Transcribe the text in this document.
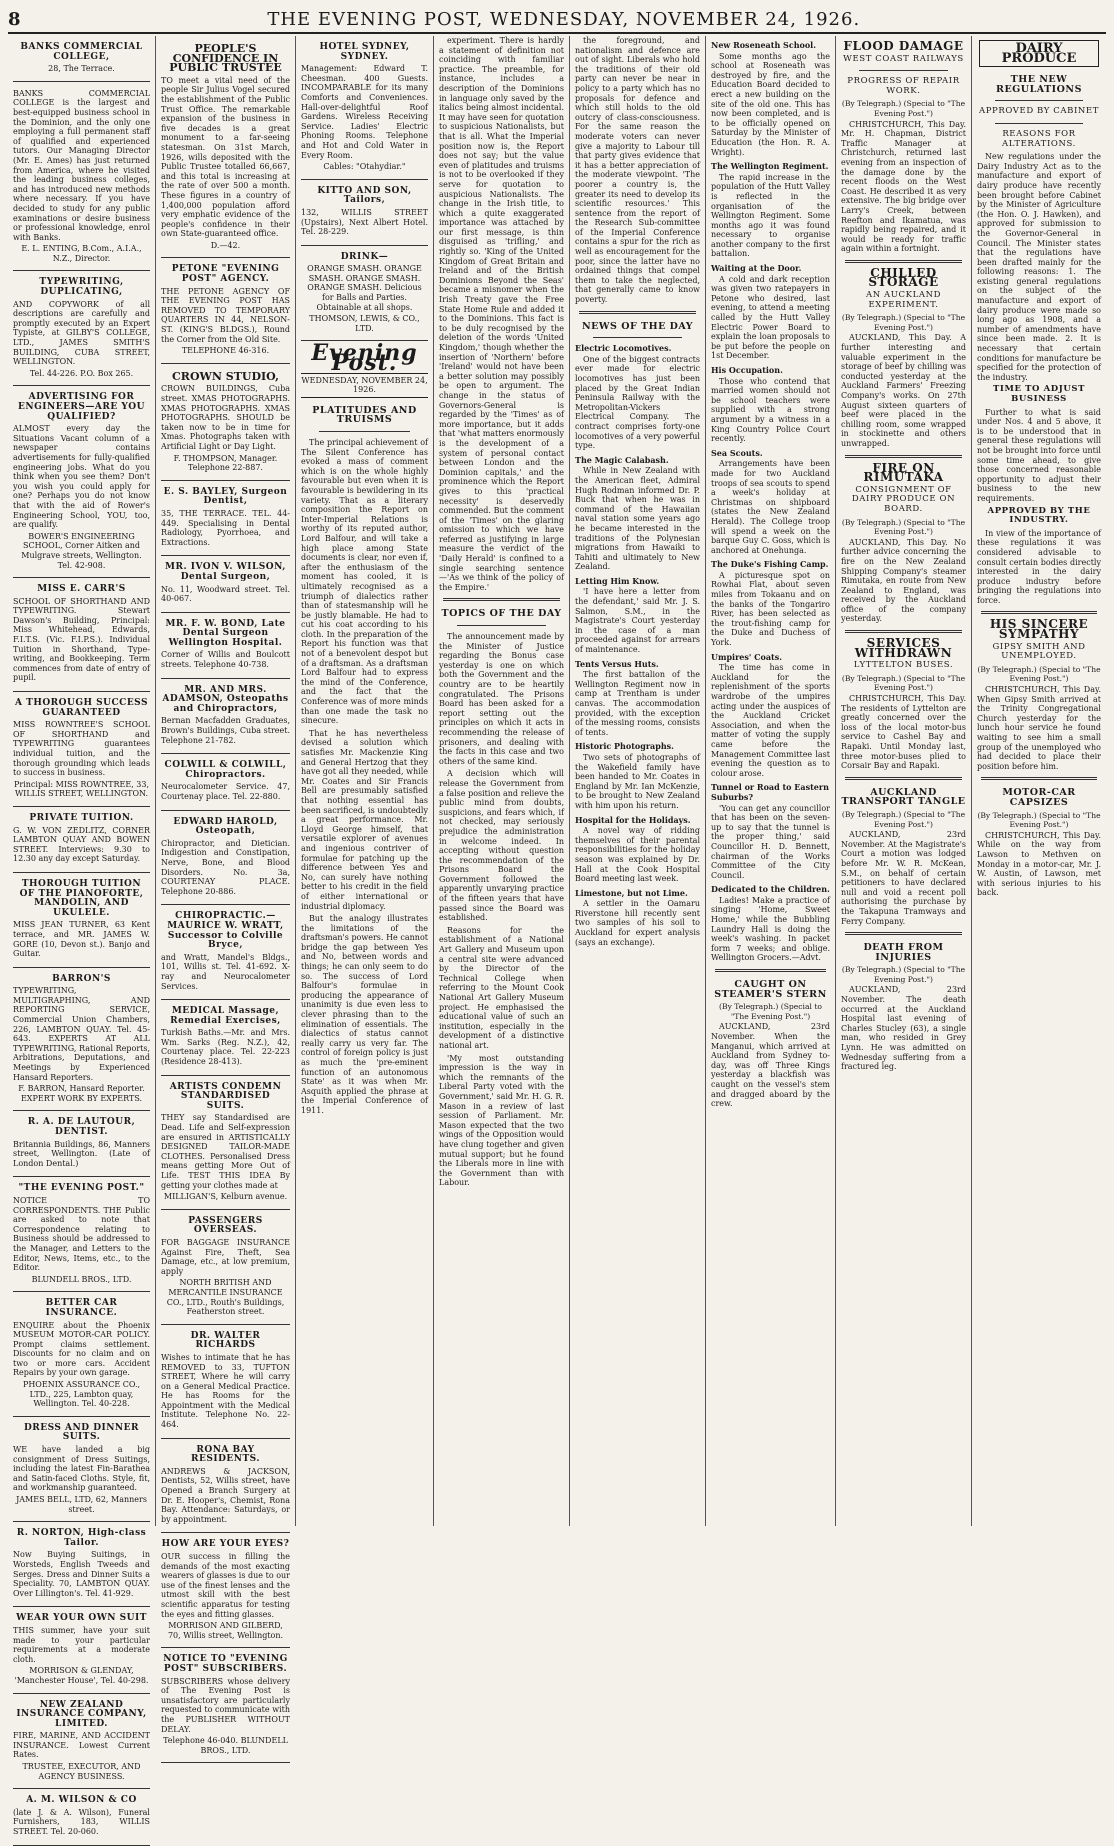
8	THE EVENING POST, WEDNESDAY, NOVEMBER 24, 1926.
BANKS COMMERCIAL COLLEGE,
28, The Terrace.

BANKS COMMERCIAL COLLEGE is the largest and best-equipped business school in the Dominion, and the only one employing a full permanent staff of qualified and experienced tutors. Our Managing Director (Mr. E. Ames) has just returned from America, where he visited the leading business colleges, and has introduced new methods where necessary. If you have decided to study for any public examinations or desire business or professional knowledge, enrol with Banks.

E. L. ENTING, B.Com., A.I.A., N.Z., Director.
TYPEWRITING, DUPLICATING,

AND COPYWORK of all descriptions are carefully and promptly executed by an Expert Typiste, at GILBY'S COLLEGE, LTD., JAMES SMITH'S BUILDING, CUBA STREET, WELLINGTON.

Tel. 44-226. P.O. Box 265.
ADVERTISING FOR ENGINEERS—ARE YOU QUALIFIED?

ALMOST every day the Situations Vacant column of a newspaper contains advertisements for fully-qualified engineering jobs. What do you think when you see them? Don't you wish you could apply for one? Perhaps you do not know that with the aid of Rower's Engineering School, YOU, too, are qualify.

BOWER'S ENGINEERING SCHOOL, Corner Aitken and Mulgrave streets, Wellington. Tel. 42-908.
MISS E. CARR'S

SCHOOL OF SHORTHAND AND TYPEWRITING. Stewart Dawson's Building, Principal: Miss Whitehead, Edwards, F.I.T.S. (Vic. F.I.P.S.). Individual Tuition in Shorthand, Type-writing, and Bookkeeping. Term commences from date of entry of pupil.

A THOROUGH SUCCESS GUARANTEED

MISS ROWNTREE'S SCHOOL OF SHORTHAND and TYPEWRITING guarantees individual tuition, and the thorough grounding which leads to success in business.

Principal: MISS ROWNTREE, 33, WILLIS STREET, WELLINGTON.
PRIVATE TUITION.

G. W. VON ZEDLITZ, CORNER LAMBTON QUAY AND BOWEN STREET. Interviews: 9.30 to 12.30 any day except Saturday.

THOROUGH TUITION OF THE PIANOFORTE, MANDOLIN, AND UKULELE.

MISS JEAN TURNER, 63 Kent terrace, and MR. JAMES W. GORE (10, Devon st.). Banjo and Guitar.

BARRON'S

TYPEWRITING, MULTIGRAPHING, AND REPORTING SERVICE, Commercial Union Chambers, 226, LAMBTON QUAY. Tel. 45-643. EXPERTS AT ALL TYPEWRITING, Rational Reports, Arbitrations, Deputations, and Meetings by Experienced Hansard Reporters.

F. BARRON, Hansard Reporter. EXPERT WORK BY EXPERTS.
R. A. DE LAUTOUR, DENTIST.

Britannia Buildings, 86, Manners street, Wellington. (Late of London Dental.)

"THE EVENING POST."

NOTICE TO CORRESPONDENTS. THE Public are asked to note that Correspondence relating to Business should be addressed to the Manager, and Letters to the Editor, News, Items, etc., to the Editor.

BLUNDELL BROS., LTD.
BETTER CAR INSURANCE.

ENQUIRE about the Phoenix MUSEUM MOTOR-CAR POLICY. Prompt claims settlement. Discounts for no claim and on two or more cars. Accident Repairs by your own garage.

PHOENIX ASSURANCE CO., LTD., 225, Lambton quay, Wellington. Tel. 40-228.
DRESS AND DINNER SUITS.

WE have landed a big consignment of Dress Suitings, including the latest Fin-Barathea and Satin-faced Cloths. Style, fit, and workmanship guaranteed.

JAMES BELL, LTD, 62, Manners street.
R. NORTON, High-class Tailor.

Now Buying Suitings, in Worsteds, English Tweeds and Serges. Dress and Dinner Suits a Speciality. 70, LAMBTON QUAY. Over Lillington's. Tel. 41-929.

WEAR YOUR OWN SUIT

THIS summer, have your suit made to your particular requirements at a moderate cloth.

MORRISON & GLENDAY, 'Manchester House', Tel. 40-298.
NEW ZEALAND INSURANCE COMPANY, LIMITED.

FIRE, MARINE, AND ACCIDENT INSURANCE. Lowest Current Rates.

TRUSTEE, EXECUTOR, AND AGENCY BUSINESS.
A. M. WILSON & CO

(late J. & A. Wilson), Funeral Furnishers, 183, WILLIS STREET. Tel. 20-060.

PEOPLE'S CONFIDENCE IN PUBLIC TRUSTEE

TO meet a vital need of the people Sir Julius Vogel secured the establishment of the Public Trust Office. The remarkable expansion of the business in five decades is a great monument to a far-seeing statesman. On 31st March, 1926, wills deposited with the Public Trustee totalled 66,667, and this total is increasing at the rate of over 500 a month. These figures in a country of 1,400,000 population afford very emphatic evidence of the people's confidence in their own State-guaranteed office.

D.—42.
PETONE "EVENING POST" AGENCY.

THE PETONE AGENCY OF THE EVENING POST HAS REMOVED TO TEMPORARY QUARTERS IN 44, NELSON-ST. (KING'S BLDGS.), Round the Corner from the Old Site.

TELEPHONE 46-316.
CROWN STUDIO,

CROWN BUILDINGS, Cuba street. XMAS PHOTOGRAPHS. XMAS PHOTOGRAPHS. XMAS PHOTOGRAPHS. SHOULD be taken now to be in time for Xmas. Photographs taken with Artificial Light or Day Light.

F. THOMPSON, Manager. Telephone 22-887.
E. S. BAYLEY, Surgeon Dentist,

35, THE TERRACE. TEL. 44-449. Specialising in Dental Radiology, Pyorrhoea, and Extractions.

MR. IVON V. WILSON, Dental Surgeon,

No. 11, Woodward street. Tel. 40-067.

MR. F. W. BOND, Late Dental Surgeon Wellington Hospital.

Corner of Willis and Boulcott streets. Telephone 40-738.

MR. AND MRS. ADAMSON, Osteopaths and Chiropractors,

Bernan Macfadden Graduates, Brown's Buildings, Cuba street. Telephone 21-782.

COLWILL & COLWILL, Chiropractors.

Neurocalometer Service. 47, Courtenay place. Tel. 22-880.

EDWARD HAROLD, Osteopath,

Chiropractor, and Dietician. Indigestion and Constipation, Nerve, Bone, and Blood Disorders. No. 3a, COURTENAY PLACE. Telephone 20-886.

CHIROPRACTIC.—MAURICE W. WRATT, Successor to Colville Bryce,

and Wratt, Mandel's Bldgs., 101, Willis st. Tel. 41-692. X-ray and Neurocalometer Services.

MEDICAL Massage, Remedial Exercises,

Turkish Baths.—Mr. and Mrs. Wm. Sarks (Reg. N.Z.), 42, Courtenay place. Tel. 22-223 (Residence 28-413).

ARTISTS CONDEMN STANDARDISED SUITS.

THEY say Standardised are Dead. Life and Self-expression are ensured in ARTISTICALLY DESIGNED TAILOR-MADE CLOTHES. Personalised Dress means getting More Out of Life. TEST THIS IDEA By getting your clothes made at

MILLIGAN'S, Kelburn avenue.
PASSENGERS OVERSEAS.

FOR BAGGAGE INSURANCE Against Fire, Theft, Sea Damage, etc., at low premium, apply

NORTH BRITISH AND MERCANTILE INSURANCE CO., LTD., Routh's Buildings, Featherston street.
DR. WALTER RICHARDS

Wishes to intimate that he has REMOVED to 33, TUFTON STREET, Where he will carry on a General Medical Practice. He has Rooms for the Appointment with the Medical Institute. Telephone No. 22-464.

RONA BAY RESIDENTS.

ANDREWS & JACKSON, Dentists, 52, Willis street, have Opened a Branch Surgery at Dr. E. Hooper's, Chemist, Rona Bay. Attendance: Saturdays, or by appointment.

HOW ARE YOUR EYES?

OUR success in filling the demands of the most exacting wearers of glasses is due to our use of the finest lenses and the utmost skill with the best scientific apparatus for testing the eyes and fitting glasses.

MORRISON AND GILBERD, 70, Willis street, Wellington.
NOTICE TO "EVENING POST" SUBSCRIBERS.

SUBSCRIBERS whose delivery of The Evening Post is unsatisfactory are particularly requested to communicate with the PUBLISHER WITHOUT DELAY.

Telephone 46-040. BLUNDELL BROS., LTD.
HOTEL SYDNEY, SYDNEY.

Management: Edward T. Cheesman. 400 Guests. INCOMPARABLE for its many Comforts and Conveniences. Hall-over-delightful Roof Gardens. Wireless Receiving Service. Ladies' Electric Phoning Rooms. Telephone and Hot and Cold Water in Every Room.

Cables: "Otahydiar."
KITTO AND SON, Tailors,

132, WILLIS STREET (Upstairs), Next Albert Hotel. Tel. 28-229.

DRINK—

ORANGE SMASH. ORANGE SMASH. ORANGE SMASH. ORANGE SMASH. Delicious for Balls and Parties. Obtainable at all shops.

THOMSON, LEWIS, & CO., LTD.
Evening Post.
WEDNESDAY, NOVEMBER 24, 1926.
PLATITUDES AND TRUISMS

The principal achievement of The Silent Conference has evoked a mass of comment which is on the whole highly favourable but even when it is favourable is bewildering in its variety. That as a literary composition the Report on Inter-Imperial Relations is worthy of its reputed author, Lord Balfour, and will take a high place among State documents is clear, nor even if, after the enthusiasm of the moment has cooled, it is ultimately recognised as a triumph of dialectics rather than of statesmanship will he be justly blamable. He had to cut his coat according to his cloth. In the preparation of the Report his function was that not of a benevolent despot but of a draftsman. As a draftsman Lord Balfour had to express the mind of the Conference, and the fact that the Conference was of more minds than one made the task no sinecure.

That he has nevertheless devised a solution which satisfies Mr. Mackenzie King and General Hertzog that they have got all they needed, while Mr. Coates and Sir Francis Bell are presumably satisfied that nothing essential has been sacrificed, is undoubtedly a great performance. Mr. Lloyd George himself, that versatile explorer of avenues and ingenious contriver of formulae for patching up the difference between Yes and No, can surely have nothing better to his credit in the field of either international or industrial diplomacy.

But the analogy illustrates the limitations of the draftsman's powers. He cannot bridge the gap between Yes and No, between words and things; he can only seem to do so. The success of Lord Balfour's formulae in producing the appearance of unanimity is due even less to clever phrasing than to the elimination of essentials. The dialectics of status cannot really carry us very far. The control of foreign policy is just as much the 'pre-eminent function of an autonomous State' as it was when Mr. Asquith applied the phrase at the Imperial Conference of 1911.

experiment. There is hardly a statement of definition not coinciding with familiar practice. The preamble, for instance, includes a description of the Dominions in language only saved by the italics being almost incidental. It may have seen for quotation to suspicious Nationalists, but that is all. What the Imperial position now is, the Report does not say; but the value even of platitudes and truisms is not to be overlooked if they serve for quotation to auspicious Nationalists. The change in the Irish title, to which a quite exaggerated importance was attached by our first message, is thin disguised as 'trifling,' and rightly so. 'King of the United Kingdom of Great Britain and Ireland and of the British Dominions Beyond the Seas' became a misnomer when the Irish Treaty gave the Free State Home Rule and added it to the Dominions. This fact is to be duly recognised by the deletion of the words 'United Kingdom,' though whether the insertion of 'Northern' before 'Ireland' would not have been a better solution may possibly be open to argument. The change in the status of Governors-General is regarded by the 'Times' as of more importance, but it adds that 'what matters enormously is the development of a system of personal contact between London and the Dominion capitals,' and the prominence which the Report gives to this 'practical necessity' is deservedly commended. But the comment of the 'Times' on the glaring omission to which we have referred as justifying in large measure the verdict of the 'Daily Herald' is confined to a single searching sentence—'As we think of the policy of the Empire.'

TOPICS OF THE DAY

The announcement made by the Minister of Justice regarding the Bonus case yesterday is one on which both the Government and the country are to be heartily congratulated. The Prisons Board has been asked for a report setting out the principles on which it acts in recommending the release of prisoners, and dealing with the facts in this case and two others of the same kind.

A decision which will release the Government from a false position and relieve the public mind from doubts, suspicions, and fears which, if not checked, may seriously prejudice the administration in welcome indeed. In accepting without question the recommendation of the Prisons Board the Government followed the apparently unvarying practice of the fifteen years that have passed since the Board was established.

Reasons for the establishment of a National Art Gallery and Museum upon a central site were advanced by the Director of the Technical College when referring to the Mount Cook National Art Gallery Museum project. He emphasised the educational value of such an institution, especially in the development of a distinctive national art.

'My most outstanding impression is the way in which the remnants of the Liberal Party voted with the Government,' said Mr. H. G. R. Mason in a review of last session of Parliament. Mr. Mason expected that the two wings of the Opposition would have clung together and given mutual support; but he found the Liberals more in line with the Government than with Labour.

the foreground, and nationalism and defence are out of sight. Liberals who hold the traditions of their old party can never be near in policy to a party which has no proposals for defence and which still holds to the old outcry of class-consciousness. For the same reason the moderate voters can never give a majority to Labour till that party gives evidence that it has a better appreciation of the moderate viewpoint. 'The poorer a country is, the greater its need to develop its scientific resources.' This sentence from the report of the Research Sub-committee of the Imperial Conference contains a spur for the rich as well as encouragement for the poor, since the latter have no ordained things that compel them to take the neglected, that generally came to know poverty.

NEWS OF THE DAY
Electric Locomotives.

One of the biggest contracts ever made for electric locomotives has just been placed by the Great Indian Peninsula Railway with the Metropolitan-Vickers Electrical Company. The contract comprises forty-one locomotives of a very powerful type.

The Magic Calabash.

While in New Zealand with the American fleet, Admiral Hugh Rodman informed Dr. P. Buck that when he was in command of the Hawaiian naval station some years ago he became interested in the traditions of the Polynesian migrations from Hawaiki to Tahiti and ultimately to New Zealand.

Letting Him Know.

'I have here a letter from the defendant,' said Mr. J. S. Salmon, S.M., in the Magistrate's Court yesterday in the case of a man proceeded against for arrears of maintenance.

Tents Versus Huts.

The first battalion of the Wellington Regiment now in camp at Trentham is under canvas. The accommodation provided, with the exception of the messing rooms, consists of tents.

Historic Photographs.

Two sets of photographs of the Wakefield family have been handed to Mr. Coates in England by Mr. Ian McKenzie, to be brought to New Zealand with him upon his return.

Hospital for the Holidays.

A novel way of ridding themselves of their parental responsibilities for the holiday season was explained by Dr. Hall at the Cook Hospital Board meeting last week.

Limestone, but not Lime.

A settler in the Oamaru Riverstone hill recently sent two samples of his soil to Auckland for expert analysis (says an exchange).

New Roseneath School.

Some months ago the school at Roseneath was destroyed by fire, and the Education Board decided to erect a new building on the site of the old one. This has now been completed, and is to be officially opened on Saturday by the Minister of Education (the Hon. R. A. Wright).

The Wellington Regiment.

The rapid increase in the population of the Hutt Valley is reflected in the organisation of the Wellington Regiment. Some months ago it was found necessary to organise another company to the first battalion.

Waiting at the Door.

A cold and dark reception was given two ratepayers in Petone who desired, last evening, to attend a meeting called by the Hutt Valley Electric Power Board to explain the loan proposals to be put before the people on 1st December.

His Occupation.

Those who contend that married women should not be school teachers were supplied with a strong argument by a witness in a King Country Police Court recently.

Sea Scouts.

Arrangements have been made for two Auckland troops of sea scouts to spend a week's holiday at Christmas on shipboard (states the New Zealand Herald). The College troop will spend a week on the barque Guy C. Goss, which is anchored at Onehunga.

The Duke's Fishing Camp.

A picturesque spot on Rowhai Flat, about seven miles from Tokaanu and on the banks of the Tongariro River, has been selected as the trout-fishing camp for the Duke and Duchess of York.

Umpires' Coats.

The time has come in Auckland for the replenishment of the sports wardrobe of the umpires acting under the auspices of the Auckland Cricket Association, and when the matter of voting the supply came before the Management Committee last evening the question as to colour arose.

Tunnel or Road to Eastern Suburbs?

'You can get any councillor that has been on the seven-up to say that the tunnel is the proper thing,' said Councillor H. D. Bennett, chairman of the Works Committee of the City Council.

Dedicated to the Children.

Ladies! Make a practice of singing 'Home, Sweet Home,' while the Bubbling Laundry Hall is doing the week's washing. In packet form 7 weeks; and oblige. Wellington Grocers.—Advt.

CAUGHT ON STEAMER'S STERN
(By Telegraph.) (Special to "The Evening Post.")

AUCKLAND, 23rd November. When the Manganui, which arrived at Auckland from Sydney to-day, was off Three Kings yesterday a blackfish was caught on the vessel's stem and dragged aboard by the crew.

FLOOD DAMAGE
WEST COAST RAILWAYS
PROGRESS OF REPAIR WORK.
(By Telegraph.) (Special to "The Evening Post.")

CHRISTCHURCH, This Day. Mr. H. Chapman, District Traffic Manager at Christchurch, returned last evening from an inspection of the damage done by the recent floods on the West Coast. He described it as very extensive. The big bridge over Larry's Creek, between Reefton and Ikamatua, was rapidly being repaired, and it would be ready for traffic again within a fortnight.

CHILLED STORAGE
AN AUCKLAND EXPERIMENT.
(By Telegraph.) (Special to "The Evening Post.")

AUCKLAND, This Day. A further interesting and valuable experiment in the storage of beef by chilling was conducted yesterday at the Auckland Farmers' Freezing Company's works. On 27th August sixteen quarters of beef were placed in the chilling room, some wrapped in stockinette and others unwrapped.

FIRE ON RIMUTAKA
CONSIGNMENT OF DAIRY PRODUCE ON BOARD.
(By Telegraph.) (Special to "The Evening Post.")

AUCKLAND, This Day. No further advice concerning the fire on the New Zealand Shipping Company's steamer Rimutaka, en route from New Zealand to England, was received by the Auckland office of the company yesterday.

SERVICES WITHDRAWN
LYTTELTON BUSES.
(By Telegraph.) (Special to "The Evening Post.")

CHRISTCHURCH, This Day. The residents of Lyttelton are greatly concerned over the loss of the local motor-bus service to Cashel Bay and Rapaki. Until Monday last, three motor-buses plied to Corsair Bay and Rapaki.

AUCKLAND TRANSPORT TANGLE
(By Telegraph.) (Special to "The Evening Post.")

AUCKLAND, 23rd November. At the Magistrate's Court a motion was lodged before Mr. W. R. McKean, S.M., on behalf of certain petitioners to have declared null and void a recent poll authorising the purchase by the Takapuna Tramways and Ferry Company.

DEATH FROM INJURIES
(By Telegraph.) (Special to "The Evening Post.")

AUCKLAND, 23rd November. The death occurred at the Auckland Hospital last evening of Charles Stucley (63), a single man, who resided in Grey Lynn. He was admitted on Wednesday suffering from a fractured leg.

DAIRY PRODUCE
THE NEW REGULATIONS
APPROVED BY CABINET
REASONS FOR ALTERATIONS.

New regulations under the Dairy Industry Act as to the manufacture and export of dairy produce have recently been brought before Cabinet by the Minister of Agriculture (the Hon. O. J. Hawken), and approved for submission to the Governor-General in Council. The Minister states that the regulations have been drafted mainly for the following reasons: 1. The existing general regulations on the subject of the manufacture and export of dairy produce were made so long ago as 1908, and a number of amendments have since been made. 2. It is necessary that certain conditions for manufacture be specified for the protection of the industry.

TIME TO ADJUST BUSINESS

Further to what is said under Nos. 4 and 5 above, it is to be understood that in general these regulations will not be brought into force until some time ahead, to give those concerned reasonable opportunity to adjust their business to the new requirements.

APPROVED BY THE INDUSTRY.

In view of the importance of these regulations it was considered advisable to consult certain bodies directly interested in the dairy produce industry before bringing the regulations into force.

HIS SINCERE SYMPATHY
GIPSY SMITH AND UNEMPLOYED.
(By Telegraph.) (Special to "The Evening Post.")

CHRISTCHURCH, This Day. When Gipsy Smith arrived at the Trinity Congregational Church yesterday for the lunch hour service he found waiting to see him a small group of the unemployed who had decided to place their position before him.

MOTOR-CAR CAPSIZES
(By Telegraph.) (Special to "The Evening Post.")

CHRISTCHURCH, This Day. While on the way from Lawson to Methven on Monday in a motor-car, Mr. J. W. Austin, of Lawson, met with serious injuries to his back.
